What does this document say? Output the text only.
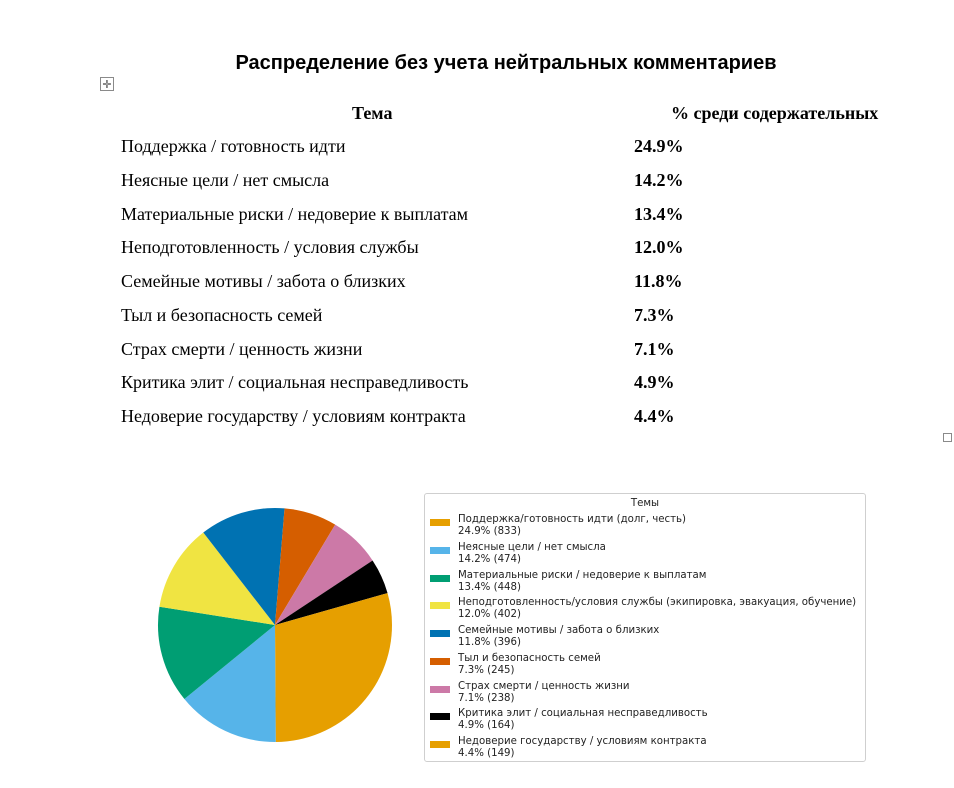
Распределение без учета нейтральных комментариев
✛
Тема	% среди содержательных
Поддержка / готовность идти	24.9%
Неясные цели / нет смысла	14.2%
Материальные риски / недоверие к выплатам	13.4%
Неподготовленность / условия службы	12.0%
Семейные мотивы / забота о близких	11.8%
Тыл и безопасность семей	7.3%
Страх смерти / ценность жизни	7.1%
Критика элит / социальная несправедливость	4.9%
Недоверие государству / условиям контракта	4.4%
Темы
Поддержка/готовность идти (долг, честь)
24.9% (833)
Неясные цели / нет смысла
14.2% (474)
Материальные риски / недоверие к выплатам
13.4% (448)
Неподготовленность/условия службы (экипировка, эвакуация, обучение)
12.0% (402)
Семейные мотивы / забота о близких
11.8% (396)
Тыл и безопасность семей
7.3% (245)
Страх смерти / ценность жизни
7.1% (238)
Критика элит / социальная несправедливость
4.9% (164)
Недоверие государству / условиям контракта
4.4% (149)
